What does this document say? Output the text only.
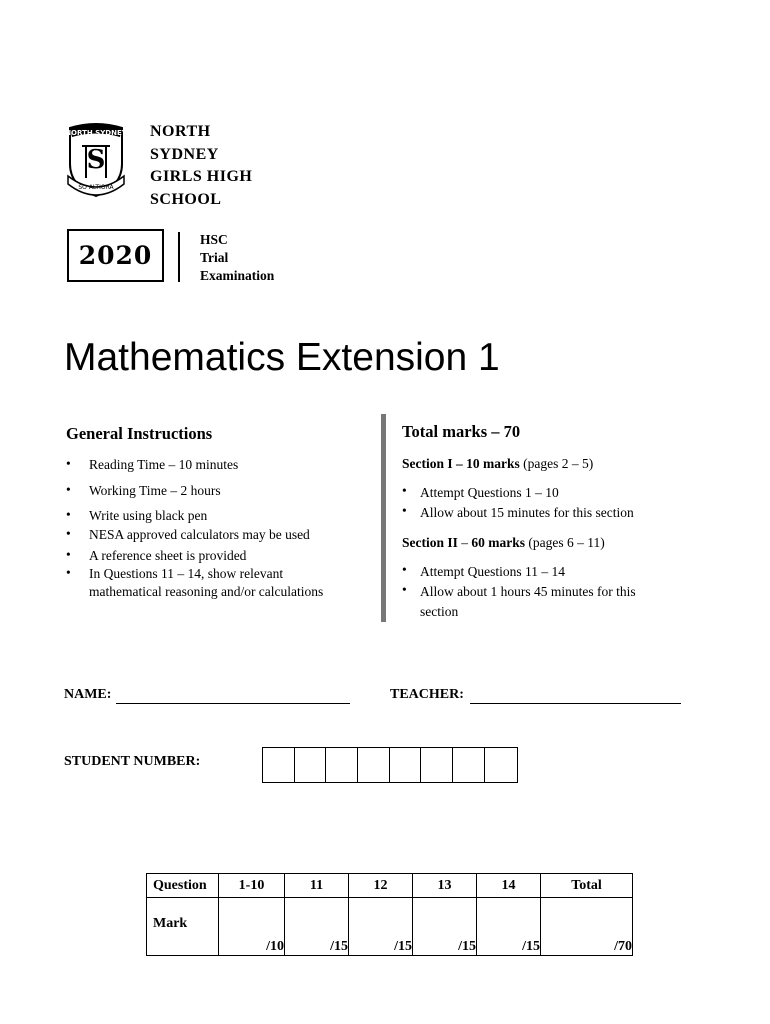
NORTH SYDNEY
S
SO ALTIORA
NORTH
SYDNEY
GIRLS HIGH
SCHOOL
2020
HSC
Trial
Examination
Mathematics Extension 1
General Instructions
• Reading Time – 10 minutes
• Working Time – 2 hours
• Write using black pen
• NESA approved calculators may be used
• A reference sheet is provided
• In Questions 11 – 14, show relevant
mathematical reasoning and/or calculations
Total marks – 70
Section I – 10 marks (pages 2 – 5)
• Attempt Questions 1 – 10
• Allow about 15 minutes for this section
Section II – 60 marks (pages 6 – 11)
• Attempt Questions 11 – 14
• Allow about 1 hours 45 minutes for this
section
NAME:	TEACHER:
STUDENT NUMBER:
Question	1-10	11	12	13	14	Total
Mark	/10	/15	/15	/15	/15	/70
